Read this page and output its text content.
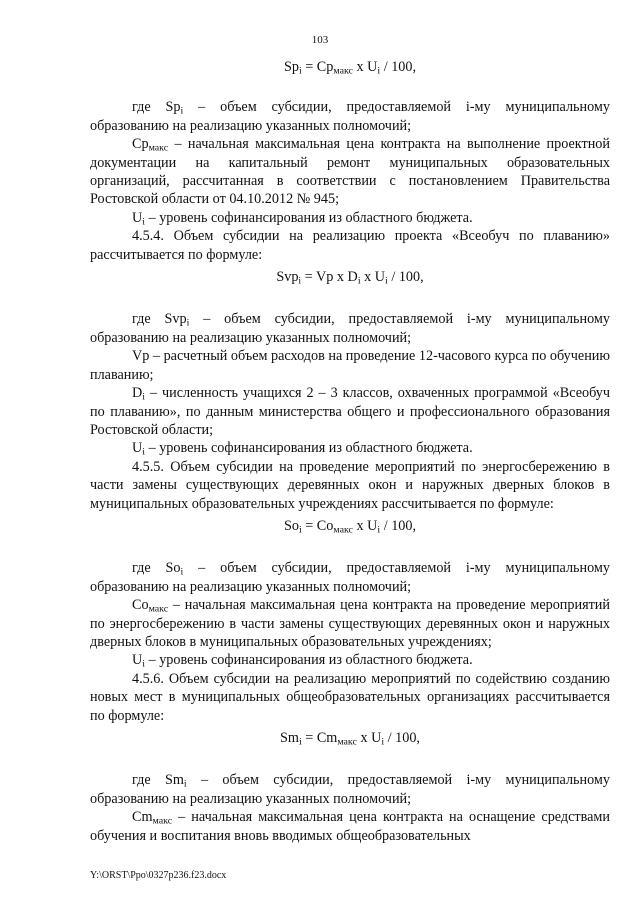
103
$Sp_i = Cp_{макс}$ x $U_i / 100$,

где $Sp_i$ – объем субсидии, предоставляемой i-му муниципальному образованию на реализацию указанных полномочий;

$Cp_{макс}$ – начальная максимальная цена контракта на выполнение проектной документации на капитальный ремонт муниципальных образовательных организаций, рассчитанная в соответствии с постановлением Правительства Ростовской области от 04.10.2012 № 945;

$U_i$ – уровень софинансирования из областного бюджета.

4.5.4. Объем субсидии на реализацию проекта «Всеобуч по плаванию» рассчитывается по формуле:

Svp$_i$ = Vp x $D_i$ x $U_i / 100$,

где Svp$_i$ – объем субсидии, предоставляемой i-му муниципальному образованию на реализацию указанных полномочий;

Vp – расчетный объем расходов на проведение 12-часового курса по обучению плаванию;

$D_i$ – численность учащихся 2 – 3 классов, охваченных программой «Всеобуч по плаванию», по данным министерства общего и профессионального образования Ростовской области;

$U_i$ – уровень софинансирования из областного бюджета.

4.5.5. Объем субсидии на проведение мероприятий по энергосбережению в части замены существующих деревянных окон и наружных дверных блоков в муниципальных образовательных учреждениях рассчитывается по формуле:

$So_i = Co_{макс}$ x $U_i / 100$,

где $So_i$ – объем субсидии, предоставляемой i-му муниципальному образованию на реализацию указанных полномочий;

$Co_{макс}$ – начальная максимальная цена контракта на проведение мероприятий по энергосбережению в части замены существующих деревянных окон и наружных дверных блоков в муниципальных образовательных учреждениях;

$U_i$ – уровень софинансирования из областного бюджета.

4.5.6. Объем субсидии на реализацию мероприятий по содействию созданию новых мест в муниципальных общеобразовательных организациях рассчитывается по формуле:

$Sm_i = Cm_{макс}$ x $U_i / 100$,

где $Sm_i$ – объем субсидии, предоставляемой i-му муниципальному образованию на реализацию указанных полномочий;

$Cm_{макс}$ – начальная максимальная цена контракта на оснащение средствами обучения и воспитания вновь вводимых общеобразовательных

Y:\ORST\Ppo\0327p236.f23.docx
